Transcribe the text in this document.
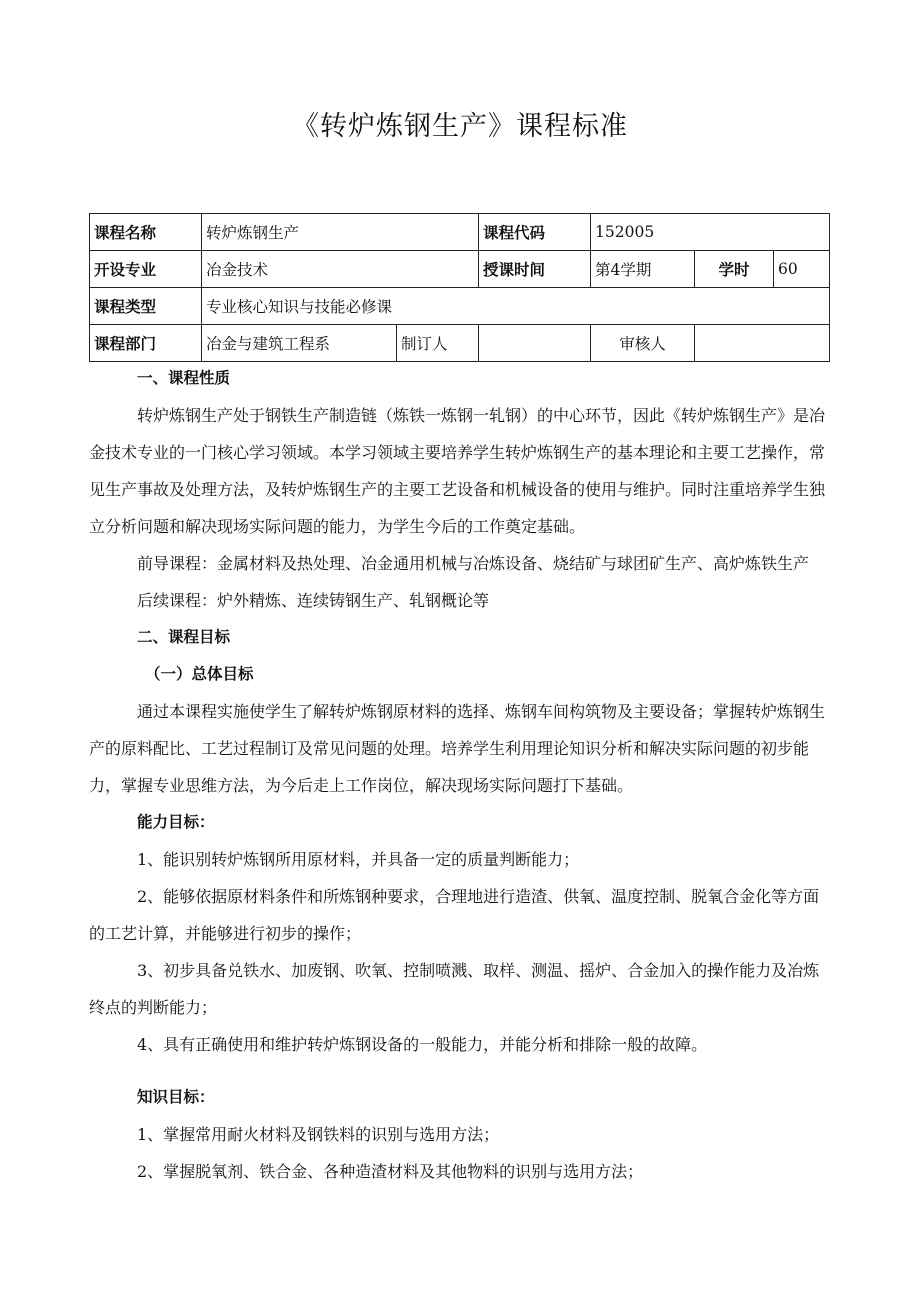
《转炉炼钢生产》课程标准
课程名称	转炉炼钢生产		课程代码	152005		
开设专业	冶金技术		授课时间	第4学期	学时	60
课程类型	专业核心知识与技能必修课					
课程部门	冶金与建筑工程系	制订人		审核人		

一、课程性质

转炉炼钢生产处于钢铁生产制造链（炼铁一炼钢一轧钢）的中心环节，因此《转炉炼钢生产》是冶金技术专业的一门核心学习领域。本学习领域主要培养学生转炉炼钢生产的基本理论和主要工艺操作，常见生产事故及处理方法，及转炉炼钢生产的主要工艺设备和机械设备的使用与维护。同时注重培养学生独立分析问题和解决现场实际问题的能力，为学生今后的工作奠定基础。

前导课程：金属材料及热处理、冶金通用机械与冶炼设备、烧结矿与球团矿生产、高炉炼铁生产

后续课程：炉外精炼、连续铸钢生产、轧钢概论等

二、课程目标

（一）总体目标

通过本课程实施使学生了解转炉炼钢原材料的选择、炼钢车间构筑物及主要设备；掌握转炉炼钢生产的原料配比、工艺过程制订及常见问题的处理。培养学生利用理论知识分析和解决实际问题的初步能力，掌握专业思维方法，为今后走上工作岗位，解决现场实际问题打下基础。

能力目标：

1、能识别转炉炼钢所用原材料，并具备一定的质量判断能力；

2、能够依据原材料条件和所炼钢种要求，合理地进行造渣、供氧、温度控制、脱氧合金化等方面的工艺计算，并能够进行初步的操作；

3、初步具备兑铁水、加废钢、吹氧、控制喷溅、取样、测温、摇炉、合金加入的操作能力及冶炼终点的判断能力；

4、具有正确使用和维护转炉炼钢设备的一般能力，并能分析和排除一般的故障。

知识目标：

1、掌握常用耐火材料及钢铁料的识别与选用方法；

2、掌握脱氧剂、铁合金、各种造渣材料及其他物料的识别与选用方法；
